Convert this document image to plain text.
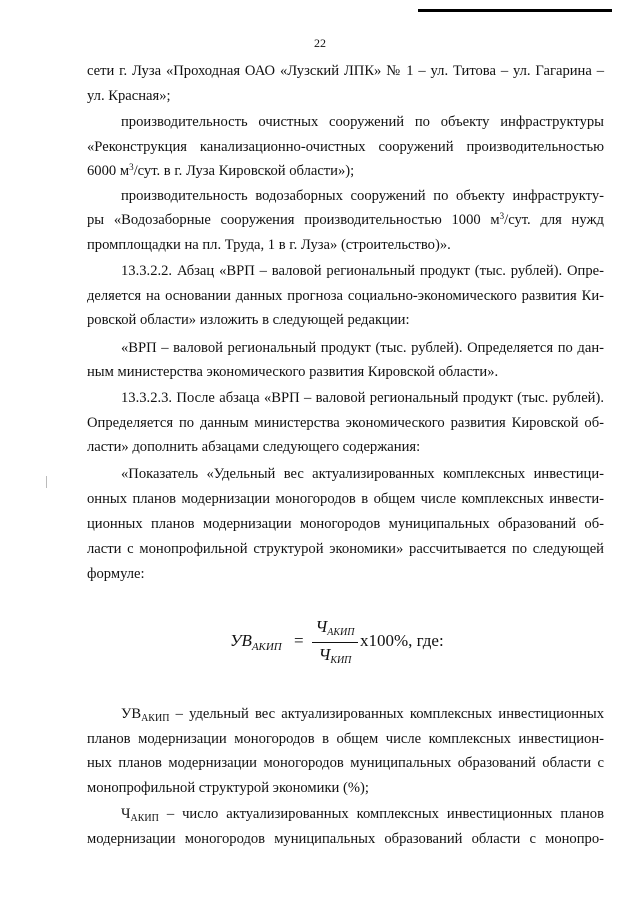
22
сети г. Луза «Проходная ОАО «Лузский ЛПК» № 1 – ул. Титова – ул. Гагарина –
ул. Красная»;
производительность очистных сооружений по объекту инфраструктуры
«Реконструкция канализационно-очистных сооружений производительностью
6000 $м^3$/сут. в г. Луза Кировской области»);
производительность водозаборных сооружений по объекту инфраструкту-
ры «Водозаборные сооружения производительностью 1000 $м^3$/сут. для нужд
промплощадки на пл. Труда, 1 в г. Луза» (строительство)».
13.3.2.2. Абзац «ВРП – валовой региональный продукт (тыс. рублей). Опре-
деляется на основании данных прогноза социально-экономического развития Ки-
ровской области» изложить в следующей редакции:
«ВРП – валовой региональный продукт (тыс. рублей). Определяется по дан-
ным министерства экономического развития Кировской области».
13.3.2.3. После абзаца «ВРП – валовой региональный продукт (тыс. рублей).
Определяется по данным министерства экономического развития Кировской об-
ласти» дополнить абзацами следующего содержания:
«Показатель «Удельный вес актуализированных комплексных инвестици-
онных планов модернизации моногородов в общем числе комплексных инвести-
ционных планов модернизации моногородов муниципальных образований об-
ласти с монопрофильной структурой экономики» рассчитывается по следующей
формуле:
$УВ_{АКИП}$ =
$Ч_{АКИП}$
$Ч_{КИП}$
х100%, где:
$УВ_{АКИП}$ – удельный вес актуализированных комплексных инвестиционных
планов модернизации моногородов в общем числе комплексных инвестицион-
ных планов модернизации моногородов муниципальных образований области с
монопрофильной структурой экономики (%);
$Ч_{АКИП}$ – число актуализированных комплексных инвестиционных планов
модернизации моногородов муниципальных образований области с монопро-
